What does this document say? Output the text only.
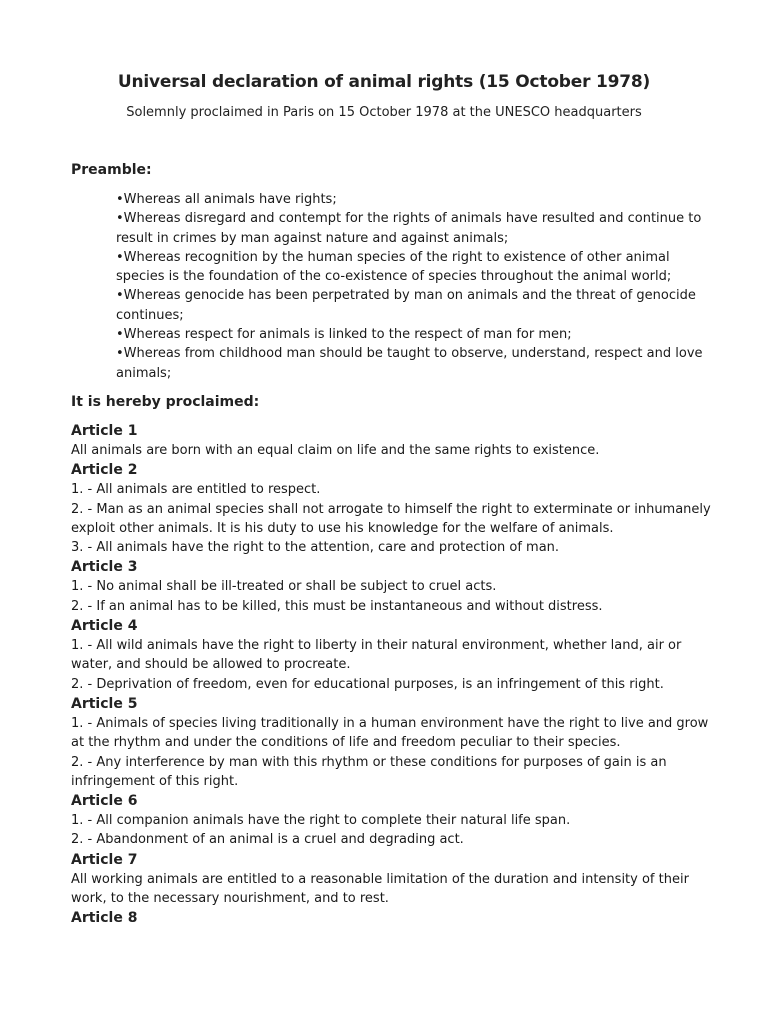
Universal declaration of animal rights (15 October 1978)
Solemnly proclaimed in Paris on 15 October 1978 at the UNESCO headquarters
Preamble:
•Whereas all animals have rights;
•Whereas disregard and contempt for the rights of animals have resulted and continue to result in crimes by man against nature and against animals;
•Whereas recognition by the human species of the right to existence of other animal species is the foundation of the co-existence of species throughout the animal world;
•Whereas genocide has been perpetrated by man on animals and the threat of genocide continues;
•Whereas respect for animals is linked to the respect of man for men;
•Whereas from childhood man should be taught to observe, understand, respect and love animals;
It is hereby proclaimed:
Article 1

All animals are born with an equal claim on life and the same rights to existence.

Article 2

1. - All animals are entitled to respect.

2. - Man as an animal species shall not arrogate to himself the right to exterminate or inhumanely exploit other animals. It is his duty to use his knowledge for the welfare of animals.

3. - All animals have the right to the attention, care and protection of man.

Article 3

1. - No animal shall be ill-treated or shall be subject to cruel acts.

2. - If an animal has to be killed, this must be instantaneous and without distress.

Article 4

1. - All wild animals have the right to liberty in their natural environment, whether land, air or water, and should be allowed to procreate.

2. - Deprivation of freedom, even for educational purposes, is an infringement of this right.

Article 5

1. - Animals of species living traditionally in a human environment have the right to live and grow at the rhythm and under the conditions of life and freedom peculiar to their species.

2. - Any interference by man with this rhythm or these conditions for purposes of gain is an infringement of this right.

Article 6

1. - All companion animals have the right to complete their natural life span.

2. - Abandonment of an animal is a cruel and degrading act.

Article 7

All working animals are entitled to a reasonable limitation of the duration and intensity of their work, to the necessary nourishment, and to rest.

Article 8
